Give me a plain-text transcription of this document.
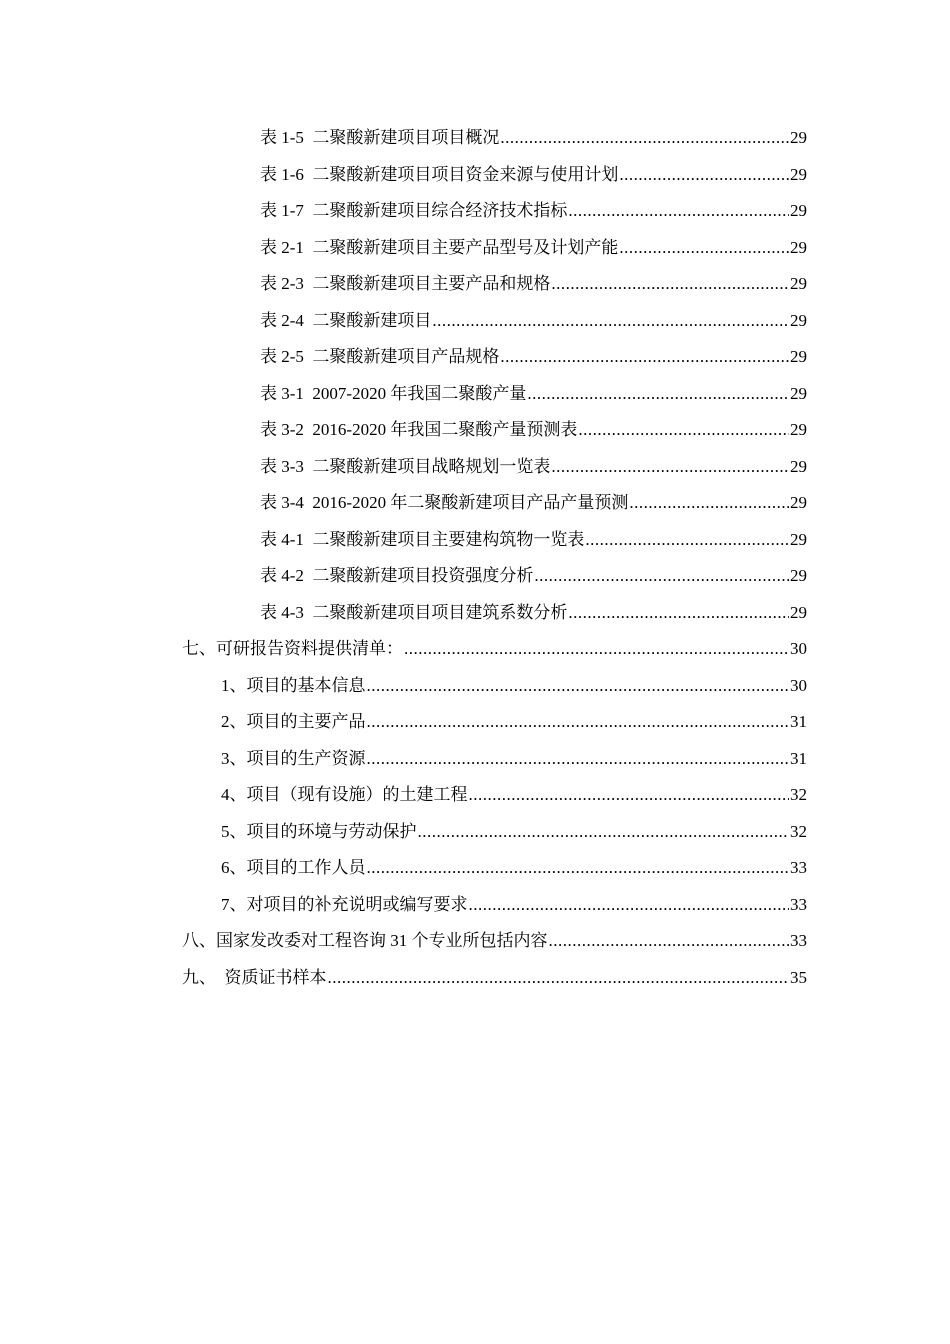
表 1-5  二聚酸新建项目项目概况 .....	29
表 1-6  二聚酸新建项目项目资金来源与使用计划 .....	29
表 1-7  二聚酸新建项目综合经济技术指标 .....	29
表 2-1  二聚酸新建项目主要产品型号及计划产能 .....	29
表 2-3  二聚酸新建项目主要产品和规格 .....	29
表 2-4  二聚酸新建项目 .....	29
表 2-5  二聚酸新建项目产品规格 .....	29
表 3-1  2007-2020 年我国二聚酸产量 .....	29
表 3-2  2016-2020 年我国二聚酸产量预测表 .....	29
表 3-3  二聚酸新建项目战略规划一览表 .....	29
表 3-4  2016-2020 年二聚酸新建项目产品产量预测 .....	29
表 4-1  二聚酸新建项目主要建构筑物一览表 .....	29
表 4-2  二聚酸新建项目投资强度分析 .....	29
表 4-3  二聚酸新建项目项目建筑系数分析 .....	29
七、可研报告资料提供清单： .....	30
1、项目的基本信息 .....	30
2、项目的主要产品 .....	31
3、项目的生产资源 .....	31
4、项目（现有设施）的土建工程 .....	32
5、项目的环境与劳动保护 .....	32
6、项目的工作人员 .....	33
7、对项目的补充说明或编写要求 .....	33
八、国家发改委对工程咨询 31 个专业所包括内容 .....	33
九、  资质证书样本 .....	35
